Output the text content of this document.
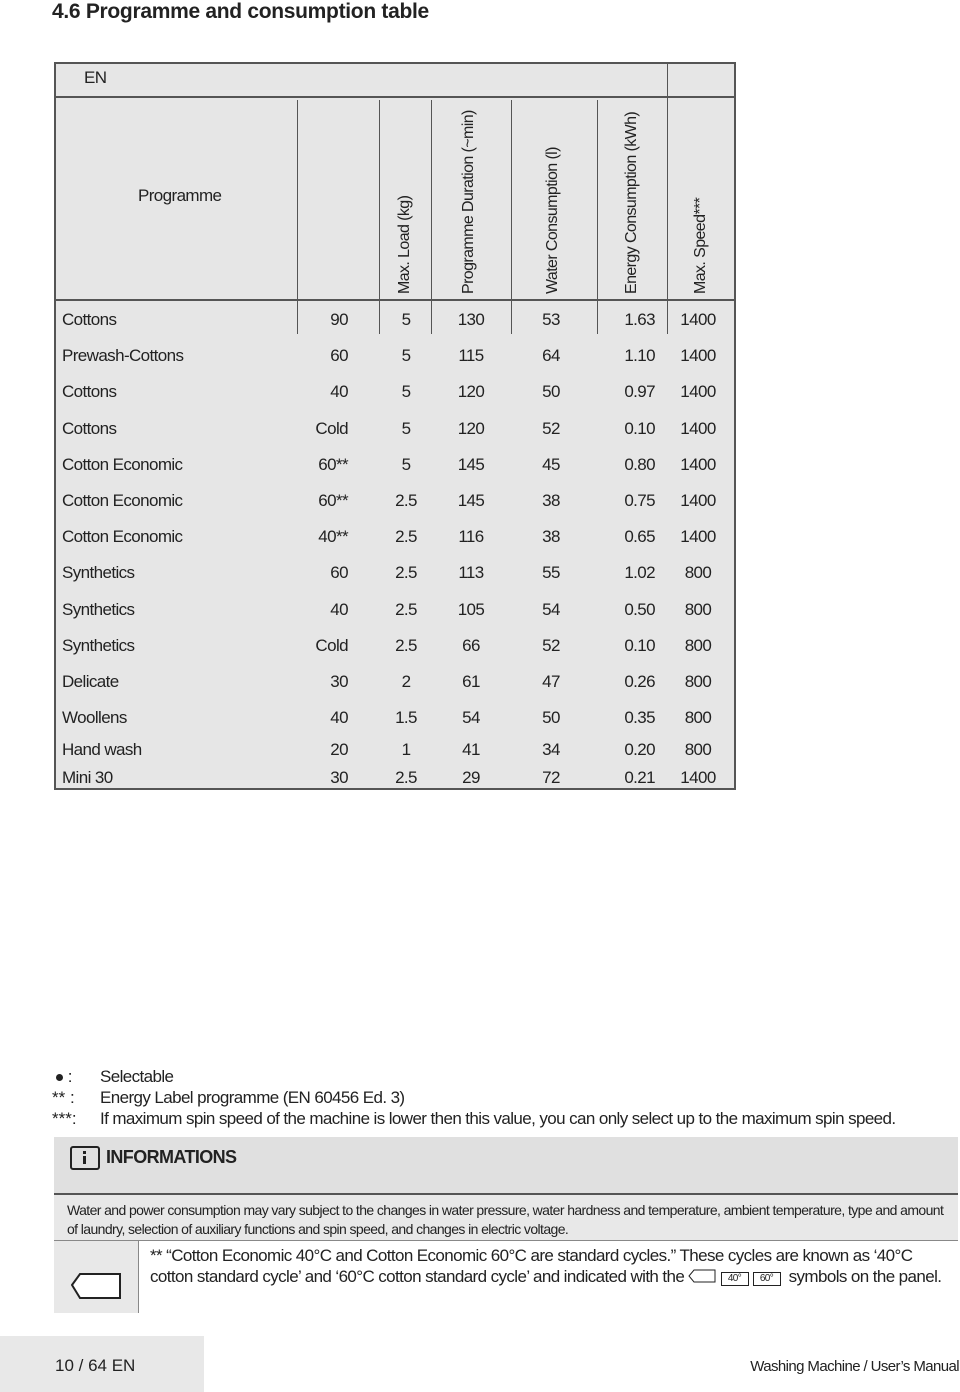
4.6 Programme and consumption table
EN
Programme
Max. Load (kg)	Programme Duration (~min)	Water Consumption (l)	Energy Consumption (kWh)	Max. Speed***
Cottons	90	5	130	53	1.63	1400
Prewash-Cottons	60	5	115	64	1.10	1400
Cottons	40	5	120	50	0.97	1400
Cottons	Cold	5	120	52	0.10	1400
Cotton Economic	60**	5	145	45	0.80	1400
Cotton Economic	60**	2.5	145	38	0.75	1400
Cotton Economic	40**	2.5	116	38	0.65	1400
Synthetics	60	2.5	113	55	1.02	800
Synthetics	40	2.5	105	54	0.50	800
Synthetics	Cold	2.5	66	52	0.10	800
Delicate	30	2	61	47	0.26	800
Woollens	40	1.5	54	50	0.35	800
Hand wash	20	1	41	34	0.20	800
Mini 30	30	2.5	29	72	0.21	1400
: Selectable
** : Energy Label programme (EN 60456 Ed. 3)
***: If maximum spin speed of the machine is lower then this value, you can only select up to the maximum spin speed.
INFORMATIONS
Water and power consumption may vary subject to the changes in water pressure, water hardness and temperature, ambient temperature, type and amount of laundry, selection of auxiliary functions and spin speed, and changes in electric voltage.

** “Cotton Economic 40°C and Cotton Economic 60°C are standard cycles.” These cycles are known as ‘40°C cotton standard cycle’ and ‘60°C cotton standard cycle’ and indicated with the	40° 60° symbols on the panel.

10 / 64 EN	Washing Machine / User’s Manual
